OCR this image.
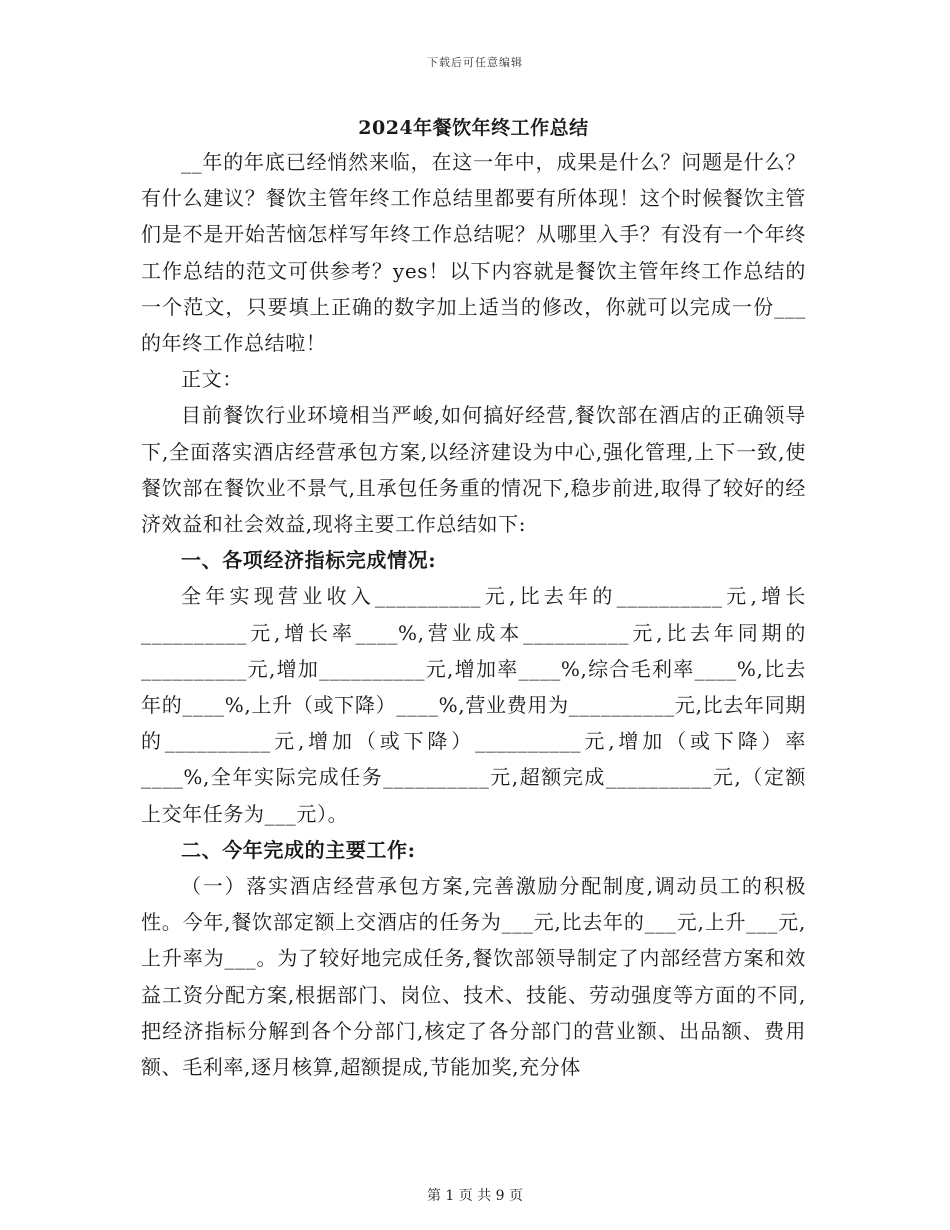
下载后可任意编辑
2024年餐饮年终工作总结

__年的年底已经悄然来临，在这一年中，成果是什么？问题是什么？有什么建议？餐饮主管年终工作总结里都要有所体现！这个时候餐饮主管们是不是开始苦恼怎样写年终工作总结呢？从哪里入手？有没有一个年终工作总结的范文可供参考？yes！以下内容就是餐饮主管年终工作总结的一个范文，只要填上正确的数字加上适当的修改，你就可以完成一份___的年终工作总结啦！

正文：

目前餐饮行业环境相当严峻,如何搞好经营,餐饮部在酒店的正确领导下,全面落实酒店经营承包方案,以经济建设为中心,强化管理,上下一致,使餐饮部在餐饮业不景气,且承包任务重的情况下,稳步前进,取得了较好的经济效益和社会效益,现将主要工作总结如下:

一、各项经济指标完成情况:

全年实现营业收入__________元,比去年的__________元,增长__________元,增长率____%,营业成本__________元,比去年同期的__________元,增加__________元,增加率____%,综合毛利率____%,比去年的____%,上升（或下降）____%,营业费用为__________元,比去年同期的__________元,增加（或下降）__________元,增加（或下降）率____%,全年实际完成任务__________元,超额完成__________元,（定额上交年任务为___元）。

二、今年完成的主要工作:

（一）落实酒店经营承包方案,完善激励分配制度,调动员工的积极性。今年,餐饮部定额上交酒店的任务为___元,比去年的___元,上升___元,上升率为___。为了较好地完成任务,餐饮部领导制定了内部经营方案和效益工资分配方案,根据部门、岗位、技术、技能、劳动强度等方面的不同,把经济指标分解到各个分部门,核定了各分部门的营业额、出品额、费用额、毛利率,逐月核算,超额提成,节能加奖,充分体

第 1 页 共 9 页
